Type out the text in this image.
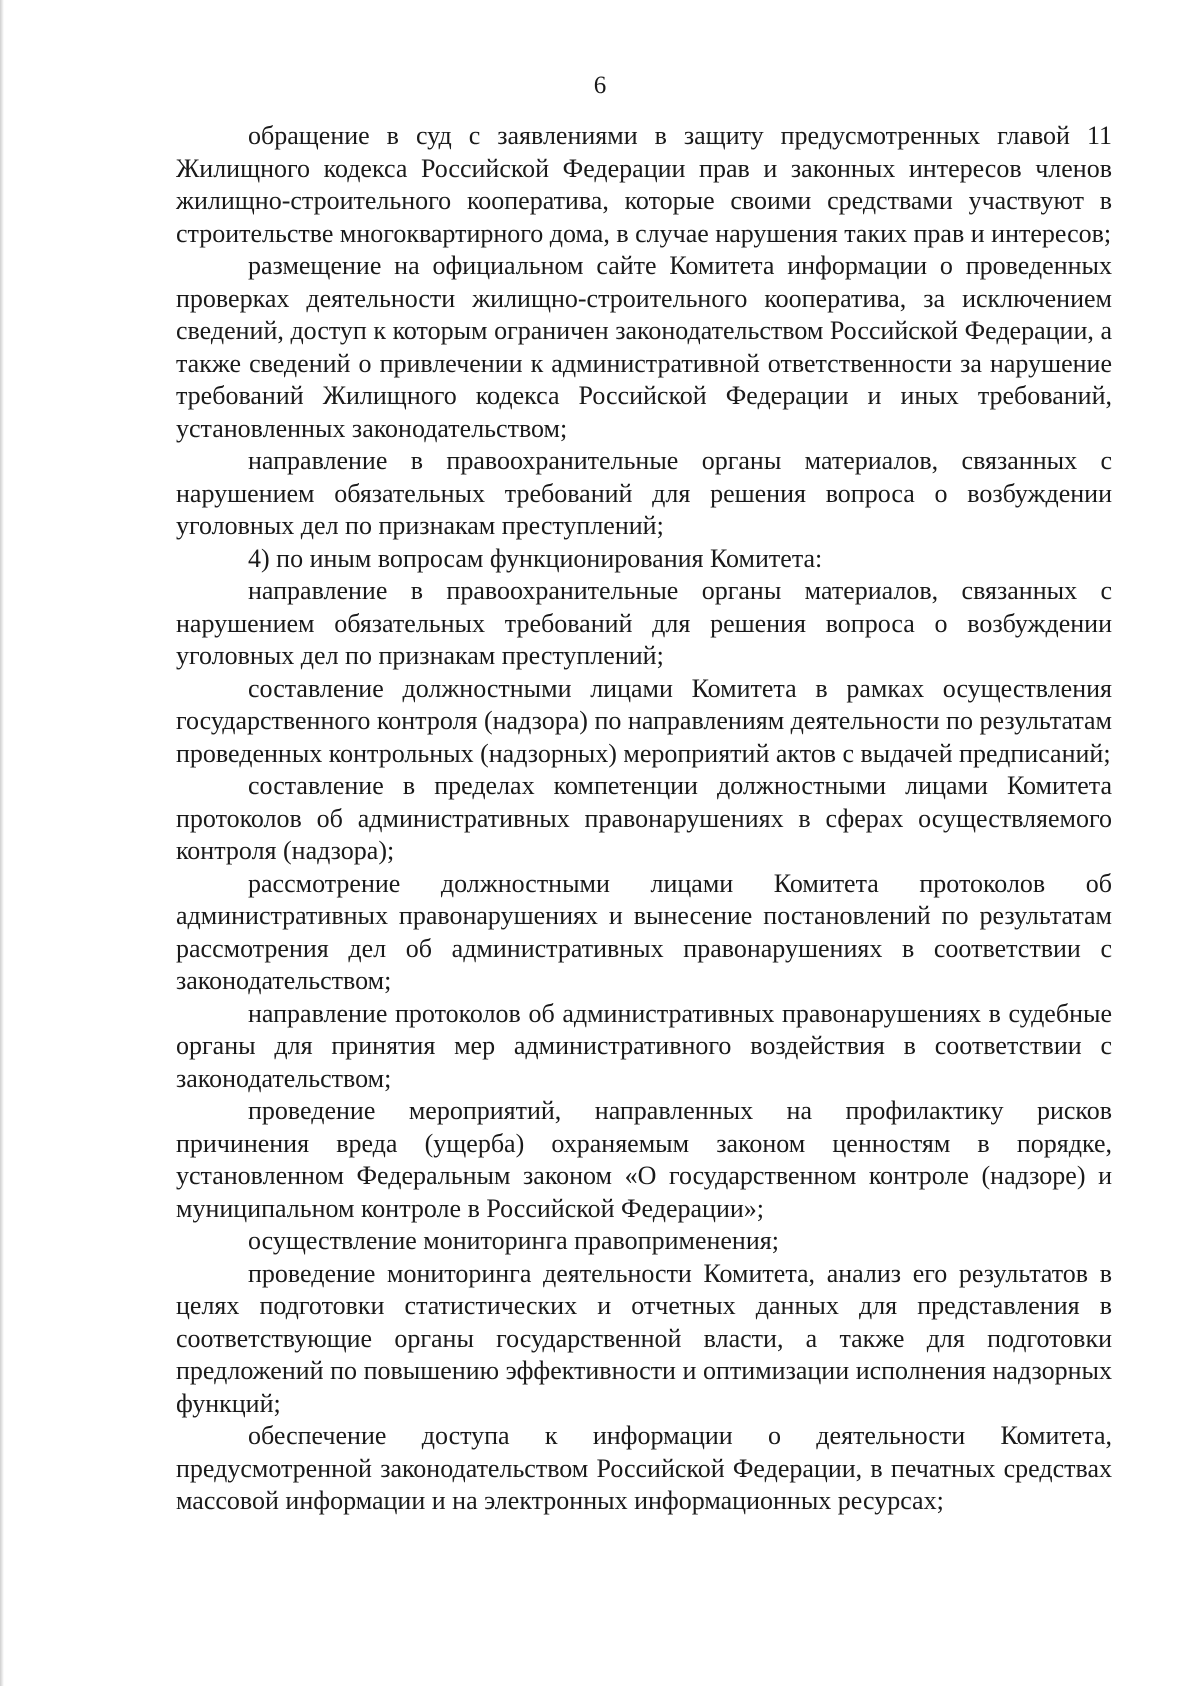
6

обращение в суд с заявлениями в защиту предусмотренных главой 11 Жилищного кодекса Российской Федерации прав и законных интересов членов жилищно-строительного кооператива, которые своими средствами участвуют в строительстве многоквартирного дома, в случае нарушения таких прав и интересов;

размещение на официальном сайте Комитета информации о проведенных проверках деятельности жилищно-строительного кооператива, за исключением сведений, доступ к которым ограничен законодательством Российской Федерации, а также сведений о привлечении к административной ответственности за нарушение требований Жилищного кодекса Российской Федерации и иных требований, установленных законодательством;

направление в правоохранительные органы материалов, связанных с нарушением обязательных требований для решения вопроса о возбуждении уголовных дел по признакам преступлений;

4) по иным вопросам функционирования Комитета:

направление в правоохранительные органы материалов, связанных с нарушением обязательных требований для решения вопроса о возбуждении уголовных дел по признакам преступлений;

составление должностными лицами Комитета в рамках осуществления государственного контроля (надзора) по направлениям деятельности по результатам проведенных контрольных (надзорных) мероприятий актов с выдачей предписаний;

составление в пределах компетенции должностными лицами Комитета протоколов об административных правонарушениях в сферах осуществляемого контроля (надзора);

рассмотрение должностными лицами Комитета протоколов об административных правонарушениях и вынесение постановлений по результатам рассмотрения дел об административных правонарушениях в соответствии с законодательством;

направление протоколов об административных правонарушениях в судебные органы для принятия мер административного воздействия в соответствии с законодательством;

проведение мероприятий, направленных на профилактику рисков причинения вреда (ущерба) охраняемым законом ценностям в порядке, установленном Федеральным законом «О государственном контроле (надзоре) и муниципальном контроле в Российской Федерации»;

осуществление мониторинга правоприменения;

проведение мониторинга деятельности Комитета, анализ его результатов в целях подготовки статистических и отчетных данных для представления в соответствующие органы государственной власти, а также для подготовки предложений по повышению эффективности и оптимизации исполнения надзорных функций;

обеспечение доступа к информации о деятельности Комитета, предусмотренной законодательством Российской Федерации, в печатных средствах массовой информации и на электронных информационных ресурсах;
